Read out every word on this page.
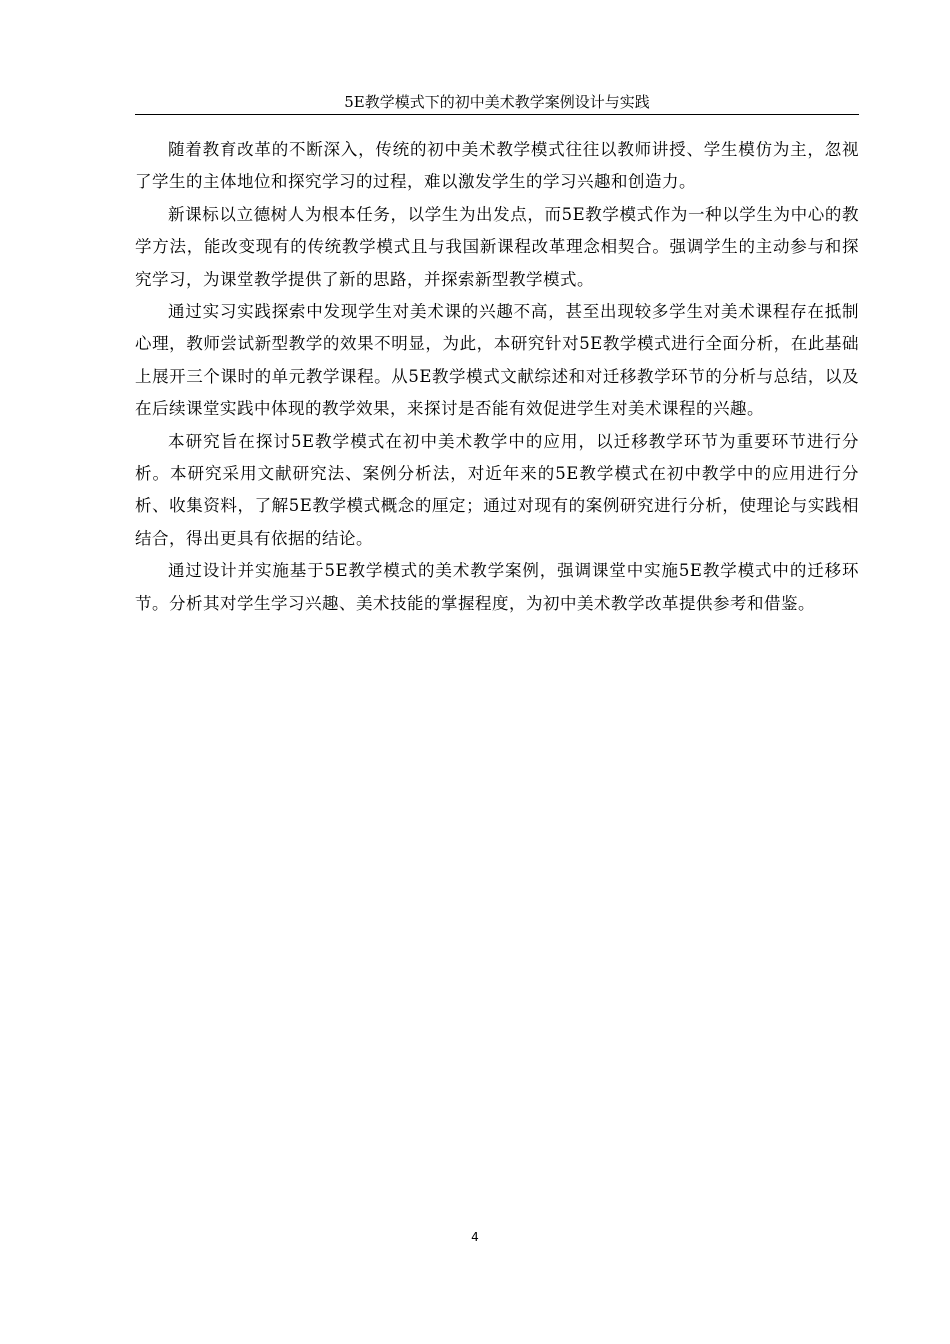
5E教学模式下的初中美术教学案例设计与实践

随着教育改革的不断深入，传统的初中美术教学模式往往以教师讲授、学生模仿为主，忽视了学生的主体地位和探究学习的过程，难以激发学生的学习兴趣和创造力。

新课标以立德树人为根本任务，以学生为出发点，而5E教学模式作为一种以学生为中心的教学方法，能改变现有的传统教学模式且与我国新课程改革理念相契合。强调学生的主动参与和探究学习，为课堂教学提供了新的思路，并探索新型教学模式。

通过实习实践探索中发现学生对美术课的兴趣不高，甚至出现较多学生对美术课程存在抵制心理，教师尝试新型教学的效果不明显，为此，本研究针对5E教学模式进行全面分析，在此基础上展开三个课时的单元教学课程。从5E教学模式文献综述和对迁移教学环节的分析与总结，以及在后续课堂实践中体现的教学效果，来探讨是否能有效促进学生对美术课程的兴趣。

本研究旨在探讨5E教学模式在初中美术教学中的应用，以迁移教学环节为重要环节进行分析。本研究采用文献研究法、案例分析法，对近年来的5E教学模式在初中教学中的应用进行分析、收集资料，了解5E教学模式概念的厘定；通过对现有的案例研究进行分析，使理论与实践相结合，得出更具有依据的结论。

通过设计并实施基于5E教学模式的美术教学案例，强调课堂中实施5E教学模式中的迁移环节。分析其对学生学习兴趣、美术技能的掌握程度，为初中美术教学改革提供参考和借鉴。

4
